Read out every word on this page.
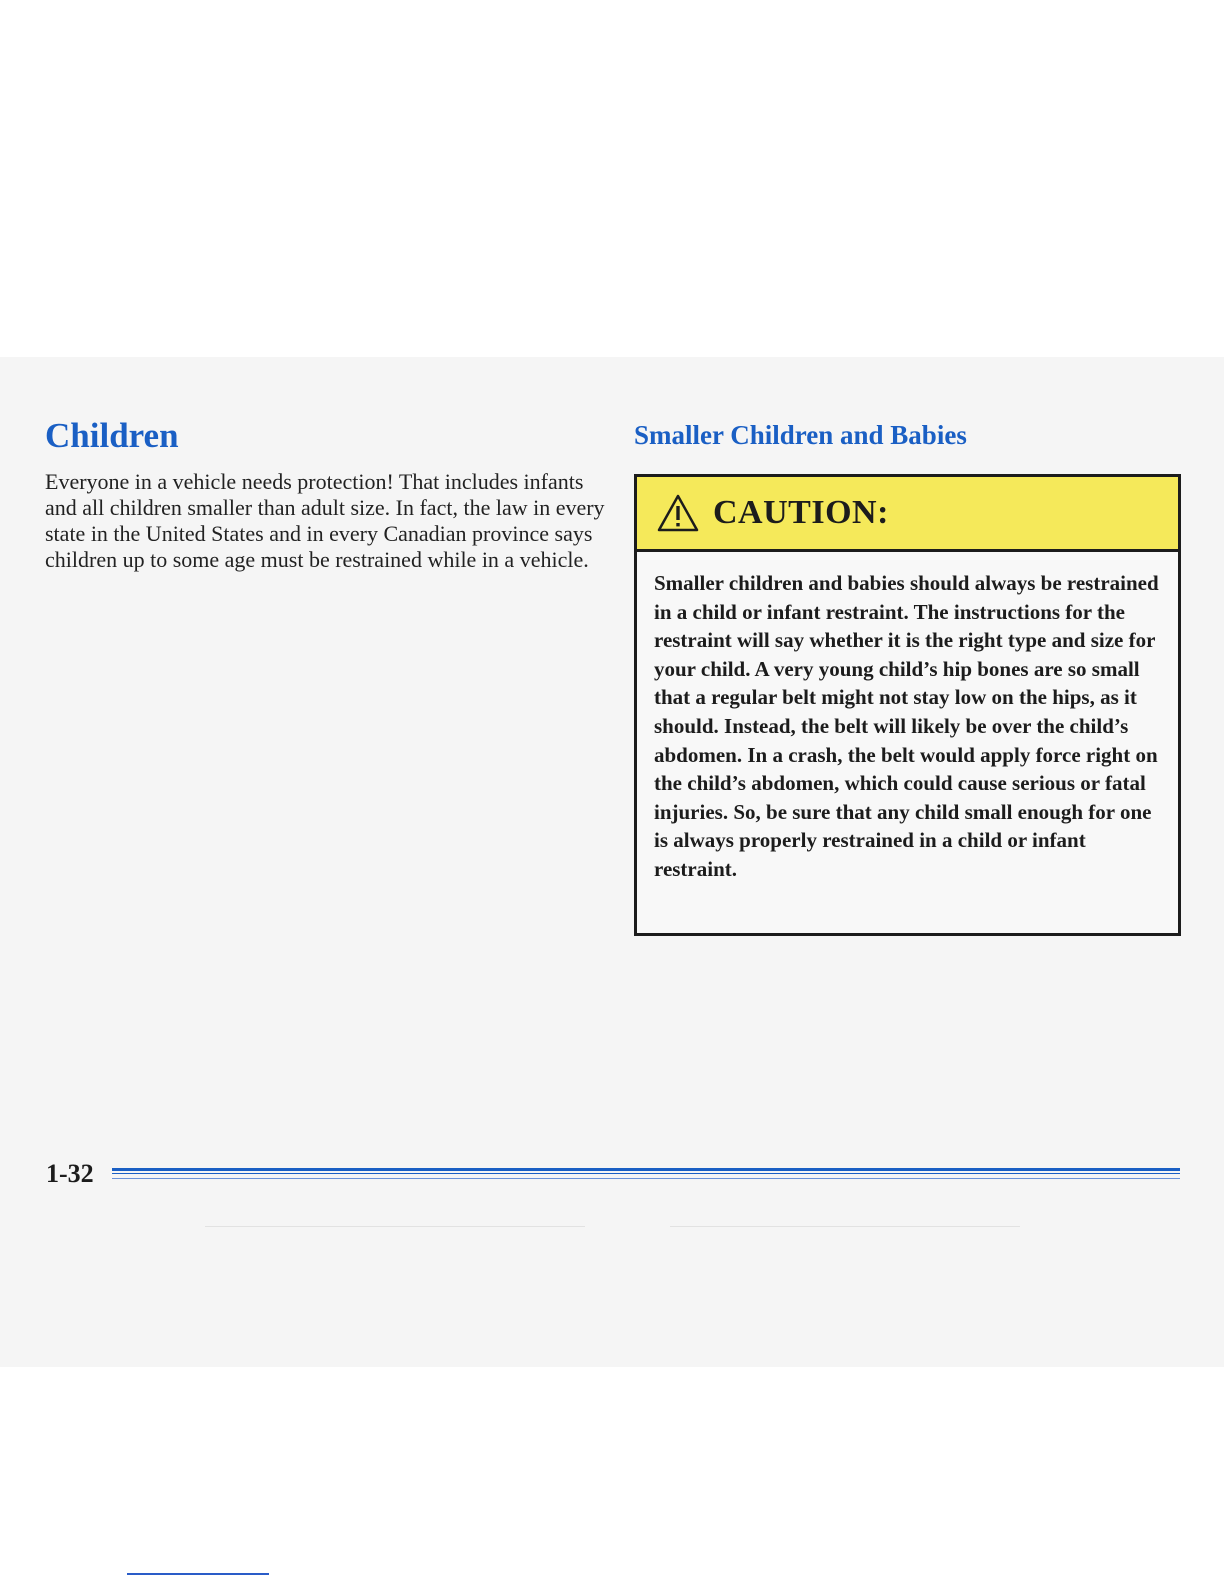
Children

Everyone in a vehicle needs protection! That includes infants and all children smaller than adult size. In fact, the law in every state in the United States and in every Canadian province says children up to some age must be restrained while in a vehicle.

Smaller Children and Babies
CAUTION:

Smaller children and babies should always be restrained in a child or infant restraint. The instructions for the restraint will say whether it is the right type and size for your child. A very young child’s hip bones are so small that a regular belt might not stay low on the hips, as it should. Instead, the belt will likely be over the child’s abdomen. In a crash, the belt would apply force right on the child’s abdomen, which could cause serious or fatal injuries. So, be sure that any child small enough for one is always properly restrained in a child or infant restraint.

1-32
